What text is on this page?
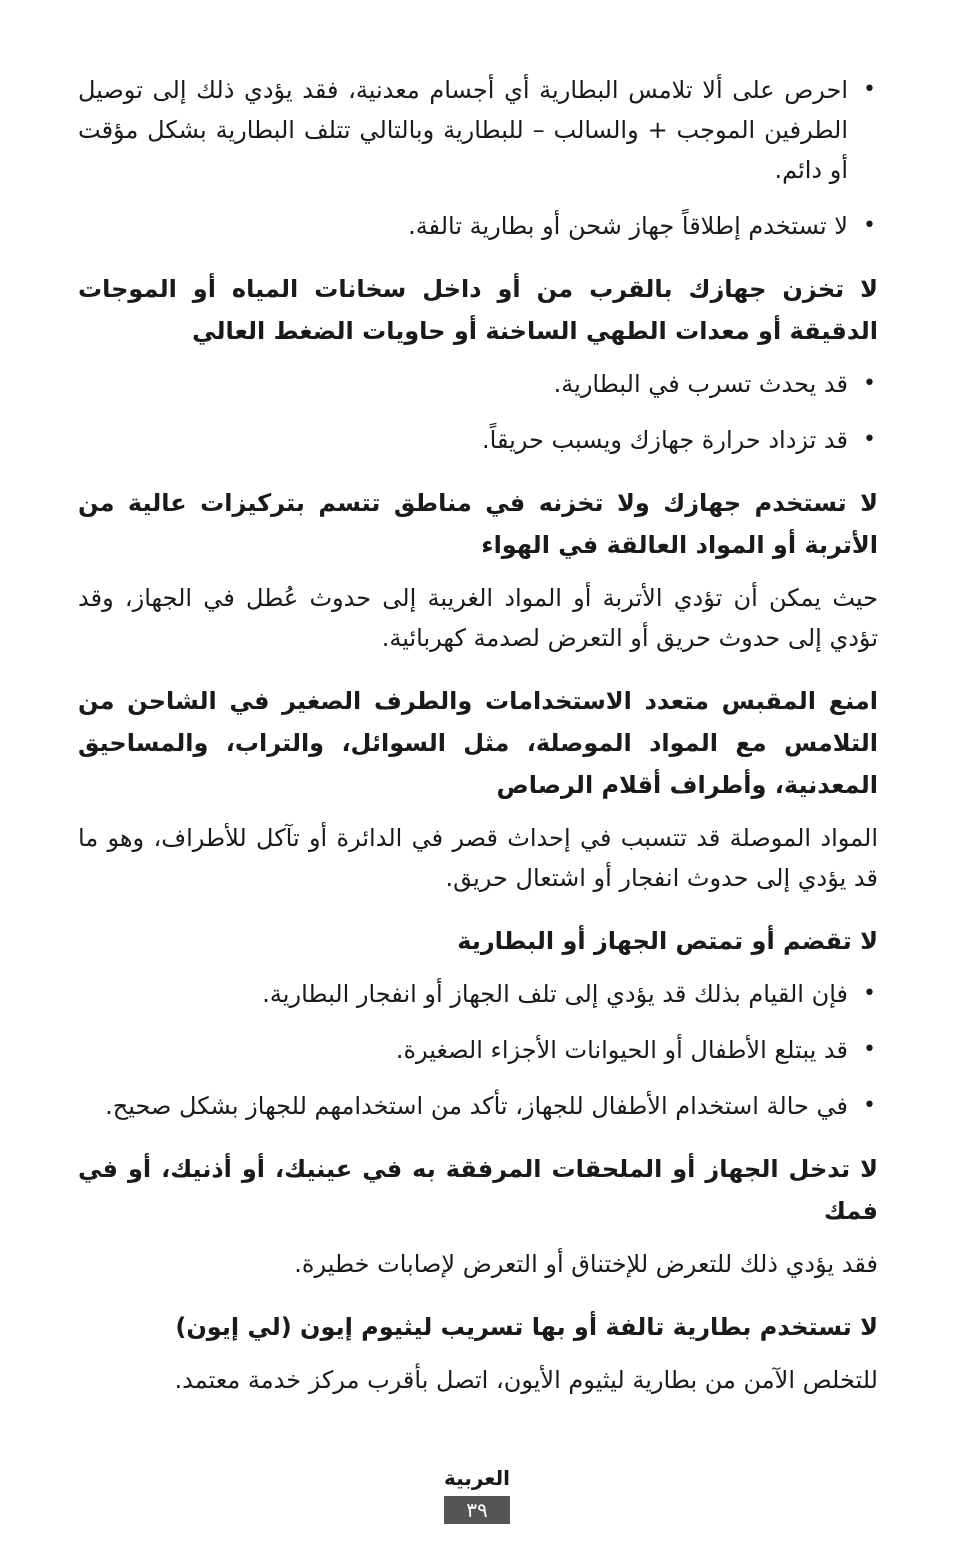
• احرص على ألا تلامس البطارية أي أجسام معدنية، فقد يؤدي ذلك إلى توصيل الطرفين الموجب + والسالب – للبطارية وبالتالي تتلف البطارية بشكل مؤقت أو دائم.
• لا تستخدم إطلاقاً جهاز شحن أو بطارية تالفة.
لا تخزن جهازك بالقرب من أو داخل سخانات المياه أو الموجات الدقيقة أو معدات الطهي الساخنة أو حاويات الضغط العالي
• قد يحدث تسرب في البطارية.
• قد تزداد حرارة جهازك ويسبب حريقاً.
لا تستخدم جهازك ولا تخزنه في مناطق تتسم بتركيزات عالية من الأتربة أو المواد العالقة في الهواء

حيث يمكن أن تؤدي الأتربة أو المواد الغريبة إلى حدوث عُطل في الجهاز، وقد تؤدي إلى حدوث حريق أو التعرض لصدمة كهربائية.

امنع المقبس متعدد الاستخدامات والطرف الصغير في الشاحن من التلامس مع المواد الموصلة، مثل السوائل، والتراب، والمساحيق المعدنية، وأطراف أقلام الرصاص

المواد الموصلة قد تتسبب في إحداث قصر في الدائرة أو تآكل للأطراف، وهو ما قد يؤدي إلى حدوث انفجار أو اشتعال حريق.

لا تقضم أو تمتص الجهاز أو البطارية
• فإن القيام بذلك قد يؤدي إلى تلف الجهاز أو انفجار البطارية.
• قد يبتلع الأطفال أو الحيوانات الأجزاء الصغيرة.
• في حالة استخدام الأطفال للجهاز، تأكد من استخدامهم للجهاز بشكل صحيح.
لا تدخل الجهاز أو الملحقات المرفقة به في عينيك، أو أذنيك، أو في فمك

فقد يؤدي ذلك للتعرض للإختناق أو التعرض لإصابات خطيرة.

لا تستخدم بطارية تالفة أو بها تسريب ليثيوم إيون (لي إيون)

للتخلص الآمن من بطارية ليثيوم الأيون، اتصل بأقرب مركز خدمة معتمد.

العربية
٣٩
